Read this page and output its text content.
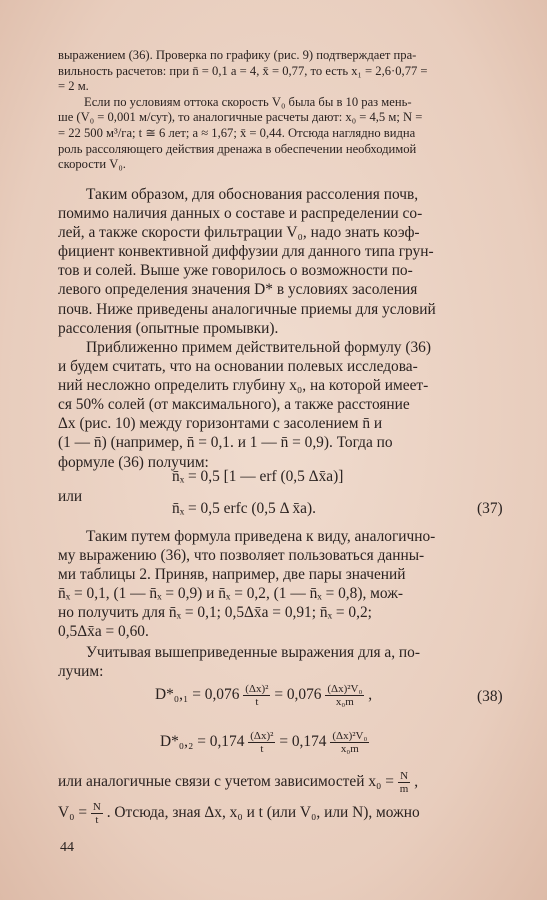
выражением (36). Проверка по графику (рис. 9) подтверждает пра-

вильность расчетов: при n̄ = 0,1 a = 4, x̄ = 0,77, то есть x₁ = 2,6·0,77 =

= 2 м.

Если по условиям оттока скорость V₀ была бы в 10 раз мень-

ше (V₀ = 0,001 м/сут), то аналогичные расчеты дают: x₀ = 4,5 м; N =

= 22 500 м³/га; t ≅ 6 лет; a ≈ 1,67; x̄ = 0,44. Отсюда наглядно видна

роль рассоляющего действия дренажа в обеспечении необходимой

скорости V₀.

Таким образом, для обоснования рассоления почв,

помимо наличия данных о составе и распределении со-

лей, а также скорости фильтрации V₀, надо знать коэф-

фициент конвективной диффузии для данного типа грун-

тов и солей. Выше уже говорилось о возможности по-

левого определения значения D* в условиях засоления

почв. Ниже приведены аналогичные приемы для условий

рассоления (опытные промывки).

Приближенно примем действительной формулу (36)

и будем считать, что на основании полевых исследова-

ний несложно определить глубину x₀, на которой имеет-

ся 50% солей (от максимального), а также расстояние

Δx (рис. 10) между горизонтами с засолением n̄ и

(1 — n̄) (например, n̄ = 0,1. и 1 — n̄ = 0,9). Тогда по

формуле (36) получим:

n̄ₓ = 0,5 [1 — erf (0,5 Δx̄a)]
или
n̄ₓ = 0,5 erfc (0,5 Δ x̄a).	(37)

Таким путем формула приведена к виду, аналогично-

му выражению (36), что позволяет пользоваться данны-

ми таблицы 2. Приняв, например, две пары значений

n̄ₓ = 0,1, (1 — n̄ₓ = 0,9) и n̄ₓ = 0,2, (1 — n̄ₓ = 0,8), мож-

но получить для n̄ₓ = 0,1; 0,5Δx̄a = 0,91; n̄ₓ = 0,2;

0,5Δx̄a = 0,60.

Учитывая вышеприведенные выражения для a, по-

лучим:

$D*_0,_1 = 0,076 \frac{\text{(Δx)²}}{t} = 0,076 \frac{\text{(Δx)²V₀}}{\text{x₀m}}$ ,	(38)
$D*_0,_2 = 0,174 \frac{\text{(Δx)²}}{t} = 0,174 \frac{\text{(Δx)²V₀}}{\text{x₀m}}$
или аналогичные связи с учетом зависимостей $x_0 = \frac{N}{m}$ ,
$V_0 = \frac{N}{t}$ . Отсюда, зная Δx, x₀ и t (или V₀, или N), можно
44
